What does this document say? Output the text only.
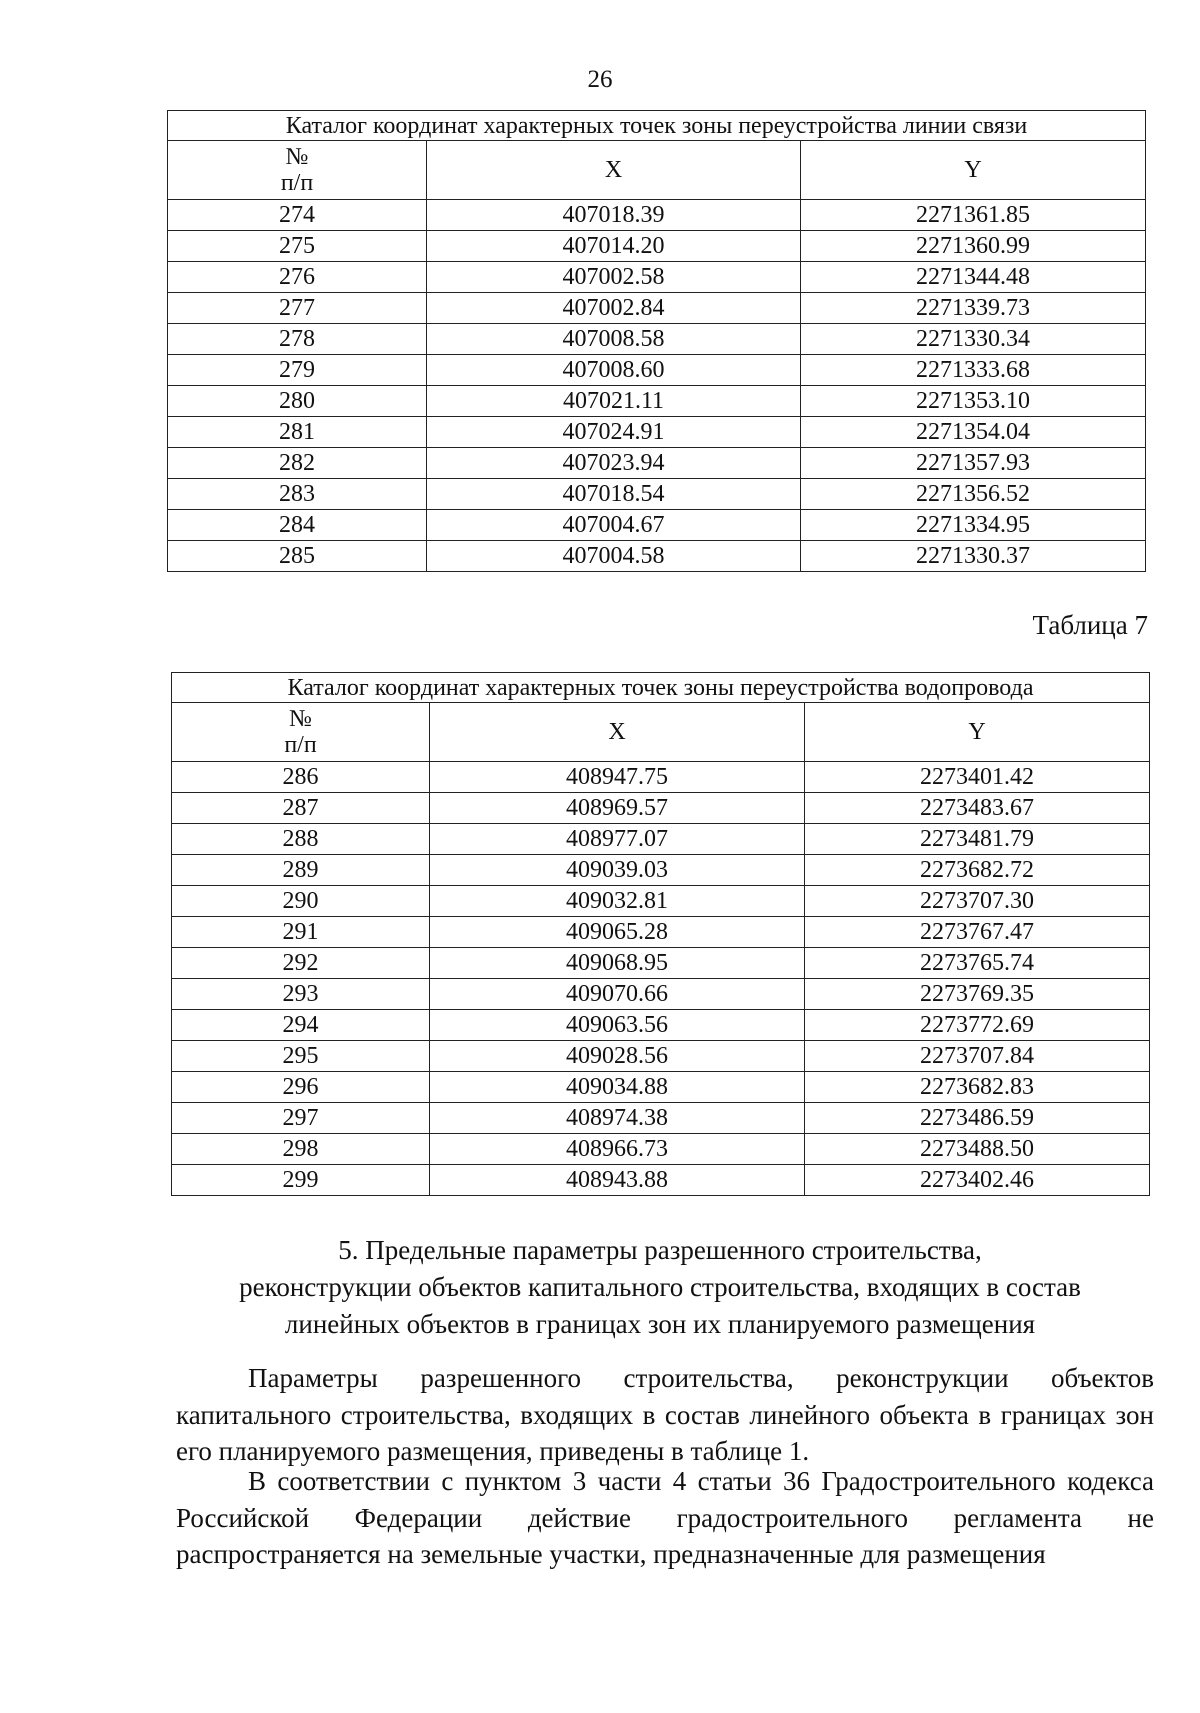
26
Каталог координат характерных точек зоны переустройства линии связи		

№
п/п	X	Y
274	407018.39	2271361.85
275	407014.20	2271360.99
276	407002.58	2271344.48
277	407002.84	2271339.73
278	407008.58	2271330.34
279	407008.60	2271333.68
280	407021.11	2271353.10
281	407024.91	2271354.04
282	407023.94	2271357.93
283	407018.54	2271356.52
284	407004.67	2271334.95
285	407004.58	2271330.37
Таблица 7
Каталог координат характерных точек зоны переустройства водопровода		

№
п/п	X	Y
286	408947.75	2273401.42
287	408969.57	2273483.67
288	408977.07	2273481.79
289	409039.03	2273682.72
290	409032.81	2273707.30
291	409065.28	2273767.47
292	409068.95	2273765.74
293	409070.66	2273769.35
294	409063.56	2273772.69
295	409028.56	2273707.84
296	409034.88	2273682.83
297	408974.38	2273486.59
298	408966.73	2273488.50
299	408943.88	2273402.46
5. Предельные параметры разрешенного строительства,
реконструкции объектов капитального строительства, входящих в состав
линейных объектов в границах зон их планируемого размещения

Параметры разрешенного строительства, реконструкции объектов капитального строительства, входящих в состав линейного объекта в границах зон его планируемого размещения, приведены в таблице 1.

В соответствии с пунктом 3 части 4 статьи 36 Градостроительного кодекса Российской Федерации действие градостроительного регламента не распространяется на земельные участки, предназначенные для размещения
